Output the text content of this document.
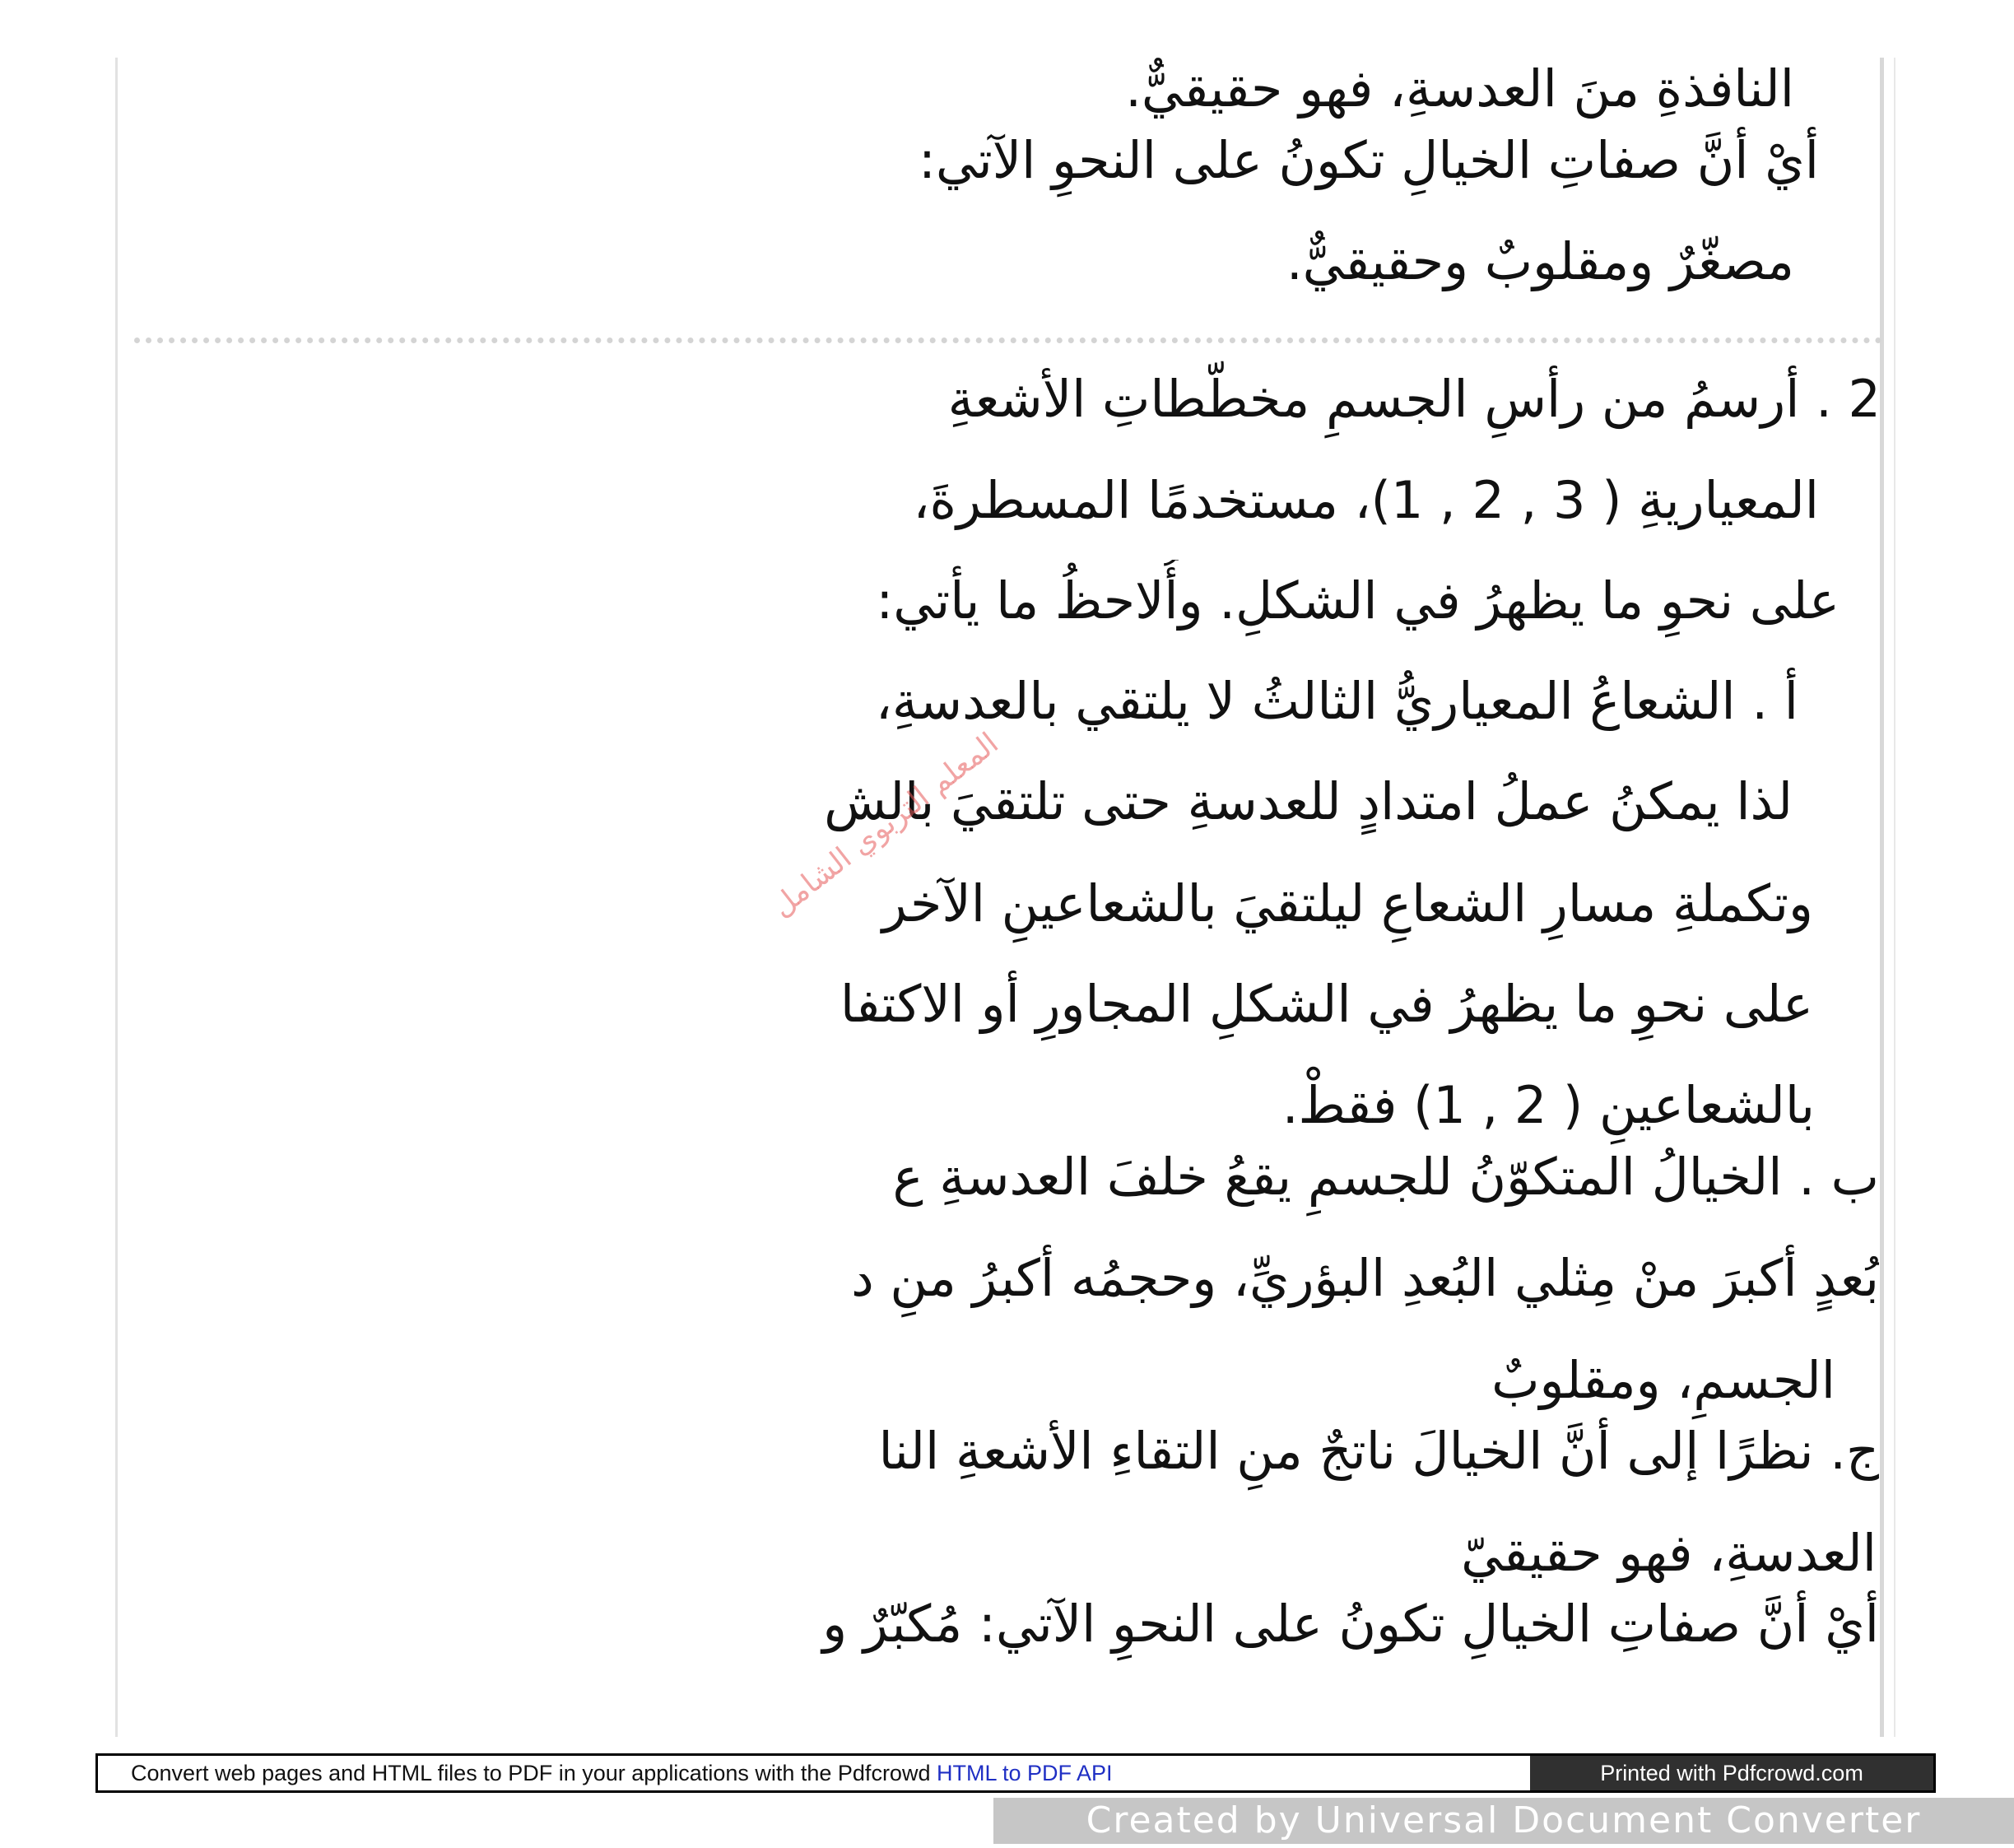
النافذةِ منَ العدسةِ، فهو حقيقيٌّ.
أيْ أنَّ صفاتِ الخيالِ تكونُ على النحوِ الآتي:
مصغّرٌ ومقلوبٌ وحقيقيٌّ.
2 . أرسمُ من رأسِ الجسمِ مخطّطاتِ الأشعةِ
المعياريةِ ( 3 , 2 , 1)، مستخدمًا المسطرةَ،
على نحوِ ما يظهرُ في الشكلِ. وأُلاحظُ ما يأتي:
أ . الشعاعُ المعياريُّ الثالثُ لا يلتقي بالعدسةِ،
لذا يمكنُ عملُ امتدادٍ للعدسةِ حتى تلتقيَ بالش
وتكملةِ مسارِ الشعاعِ ليلتقيَ بالشعاعينِ الآخر
على نحوِ ما يظهرُ في الشكلِ المجاورِ أو الاكتفا
بالشعاعينِ ( 2 , 1) فقطْ.
ب . الخيالُ المتكوّنُ للجسمِ يقعُ خلفَ العدسةِ ع
بُعدٍ أكبرَ منْ مِثلي البُعدِ البؤريِّ، وحجمُه أكبرُ منِ د
الجسمِ، ومقلوبٌ
ج. نظرًا إلى أنَّ الخيالَ ناتجٌ منِ التقاءِ الأشعةِ النا
العدسةِ، فهو حقيقيّ
أيْ أنَّ صفاتِ الخيالِ تكونُ على النحوِ الآتي: مُكبّرٌ و
المعلم التربوي الشامل
Convert web pages and HTML files to PDF in your applications with the Pdfcrowd HTML to PDF API	Printed with Pdfcrowd.com
Created by Universal Document Converter
